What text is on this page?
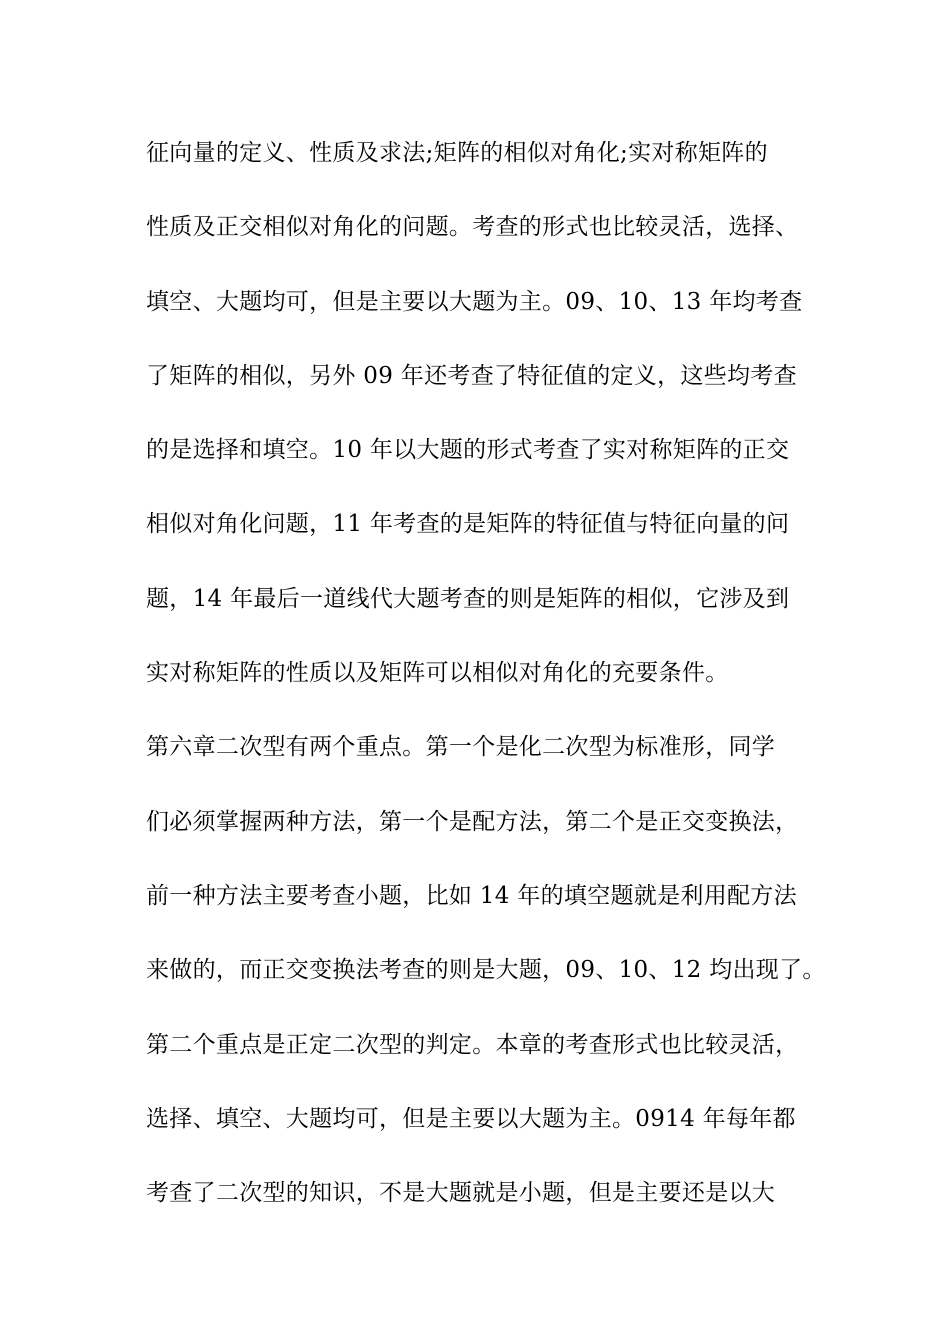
征向量的定义、性质及求法;矩阵的相似对角化;实对称矩阵的
性质及正交相似对角化的问题。考查的形式也比较灵活，选择、
填空、大题均可，但是主要以大题为主。09、10、13 年均考查
了矩阵的相似，另外 09 年还考查了特征值的定义，这些均考查
的是选择和填空。10 年以大题的形式考查了实对称矩阵的正交
相似对角化问题，11 年考查的是矩阵的特征值与特征向量的问
题，14 年最后一道线代大题考查的则是矩阵的相似，它涉及到
实对称矩阵的性质以及矩阵可以相似对角化的充要条件。
第六章二次型有两个重点。第一个是化二次型为标准形，同学
们必须掌握两种方法，第一个是配方法，第二个是正交变换法，
前一种方法主要考查小题，比如 14 年的填空题就是利用配方法
来做的，而正交变换法考查的则是大题，09、10、12 均出现了。
第二个重点是正定二次型的判定。本章的考查形式也比较灵活，
选择、填空、大题均可，但是主要以大题为主。0914 年每年都
考查了二次型的知识，不是大题就是小题，但是主要还是以大
